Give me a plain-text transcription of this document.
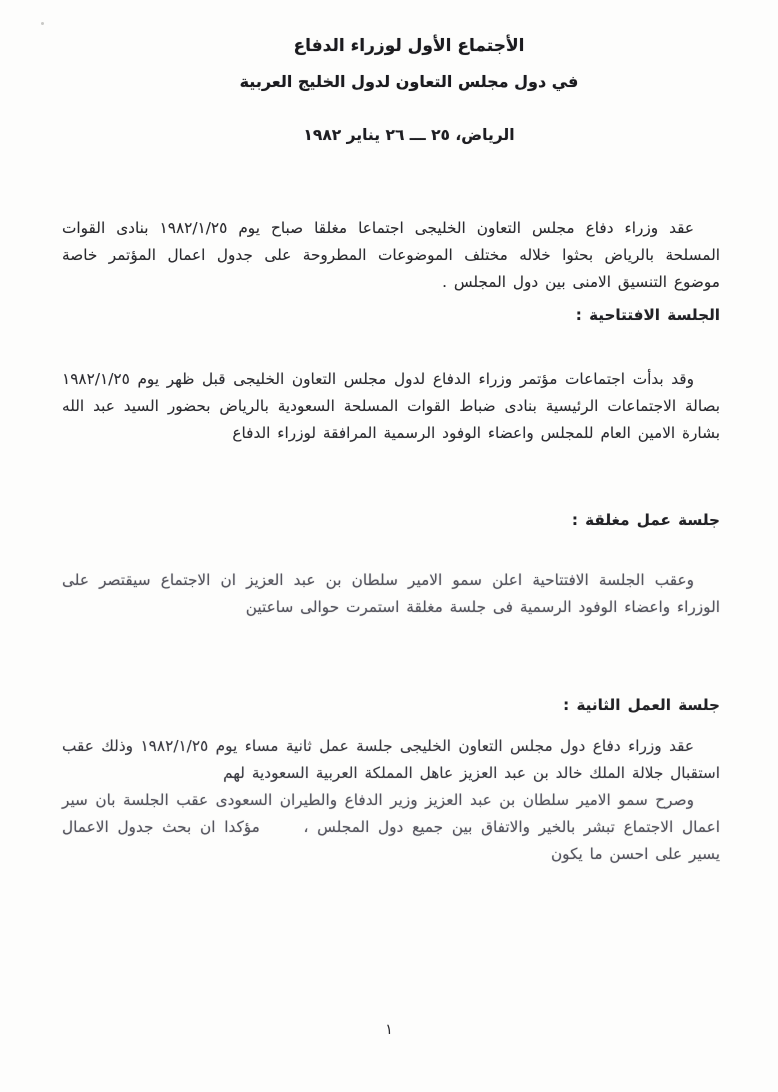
الأجتماع الأول لوزراء الدفاع
في دول مجلس التعاون لدول الخليج العربية
الرياض، ٢٥ ـــ ٢٦ يناير ١٩٨٢

عقد وزراء دفاع مجلس التعاون الخليجى اجتماعا مغلقا صباح يوم ١٩٨٢/١/٢٥ بنادى القوات المسلحة بالرياض بحثوا خلاله مختلف الموضوعات المطروحة على جدول اعمال المؤتمر خاصة موضوع التنسيق الامنى بين دول المجلس .

الجلسة الافتتاحية :

وقد بدأت اجتماعات مؤتمر وزراء الدفاع لدول مجلس التعاون الخليجى قبل ظهر يوم ١٩٨٢/١/٢٥ بصالة الاجتماعات الرئيسية بنادى ضباط القوات المسلحة السعودية بالرياض بحضور السيد عبد الله بشارة الامين العام للمجلس واعضاء الوفود الرسمية المرافقة لوزراء الدفاع

جلسة عمل مغلقة :

وعقب الجلسة الافتتاحية اعلن سمو الامير سلطان بن عبد العزيز ان الاجتماع سيقتصر على الوزراء واعضاء الوفود الرسمية فى جلسة مغلقة استمرت حوالى ساعتين

جلسة العمل الثانية :

عقد وزراء دفاع دول مجلس التعاون الخليجى جلسة عمل ثانية مساء يوم ١٩٨٢/١/٢٥ وذلك عقب استقبال جلالة الملك خالد بن عبد العزيز عاهل المملكة العربية السعودية لهم

وصرح سمو الامير سلطان بن عبد العزيز وزير الدفاع والطيران السعودى عقب الجلسة بان سير اعمال الاجتماع تبشر بالخير والاتفاق بين جميع دول المجلس ،     مؤكدا ان بحث جدول الاعمال يسير على احسن ما يكون

١
